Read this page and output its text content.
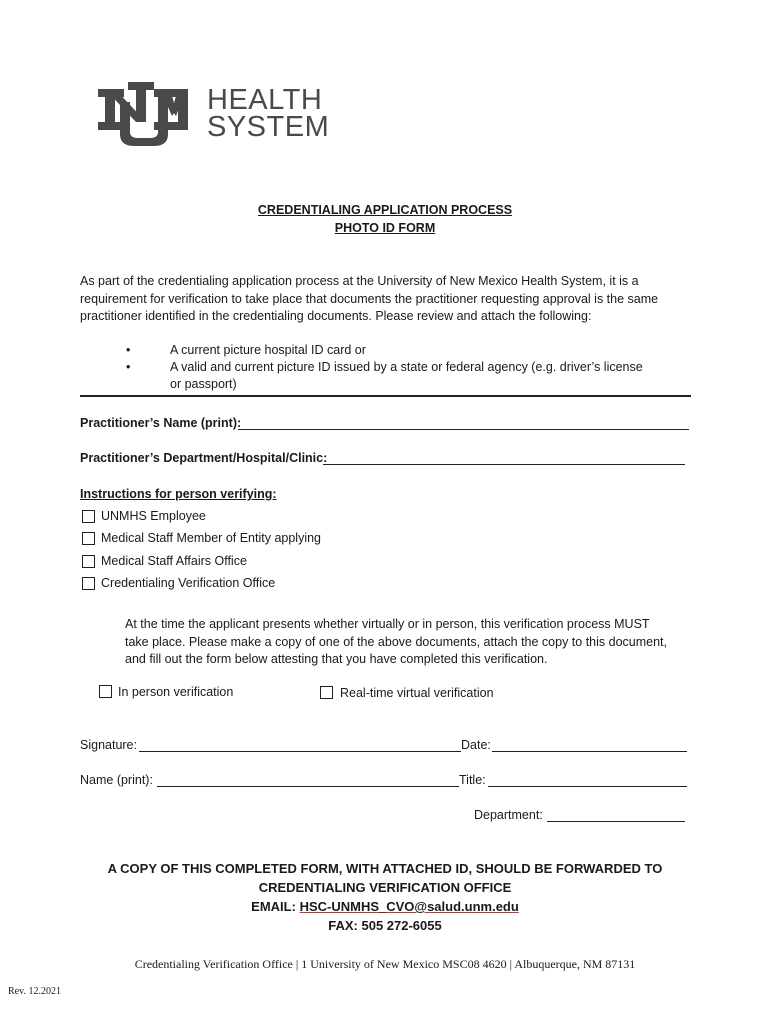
HEALTH
SYSTEM
CREDENTIALING APPLICATION PROCESS
PHOTO ID FORM
As part of the credentialing application process at the University of New Mexico Health System, it is a
requirement for verification to take place that documents the practitioner requesting approval is the same
practitioner identified in the credentialing documents. Please review and attach the following:
•	A current picture hospital ID card or
•	A valid and current picture ID issued by a state or federal agency (e.g. driver’s license
or passport)
Practitioner’s Name (print):
Practitioner’s Department/Hospital/Clinic:
Instructions for person verifying:
UNMHS Employee
Medical Staff Member of Entity applying
Medical Staff Affairs Office
Credentialing Verification Office
At the time the applicant presents whether virtually or in person, this verification process MUST
take place. Please make a copy of one of the above documents, attach the copy to this document,
and fill out the form below attesting that you have completed this verification.
In person verification	Real-time virtual verification
Signature:	Date:
Name (print):	Title:
Department:
A COPY OF THIS COMPLETED FORM, WITH ATTACHED ID, SHOULD BE FORWARDED TO
CREDENTIALING VERIFICATION OFFICE
EMAIL: HSC-UNMHS_CVO@salud.unm.edu
FAX: 505 272-6055
Credentialing Verification Office | 1 University of New Mexico MSC08 4620 | Albuquerque, NM 87131
Rev. 12.2021
